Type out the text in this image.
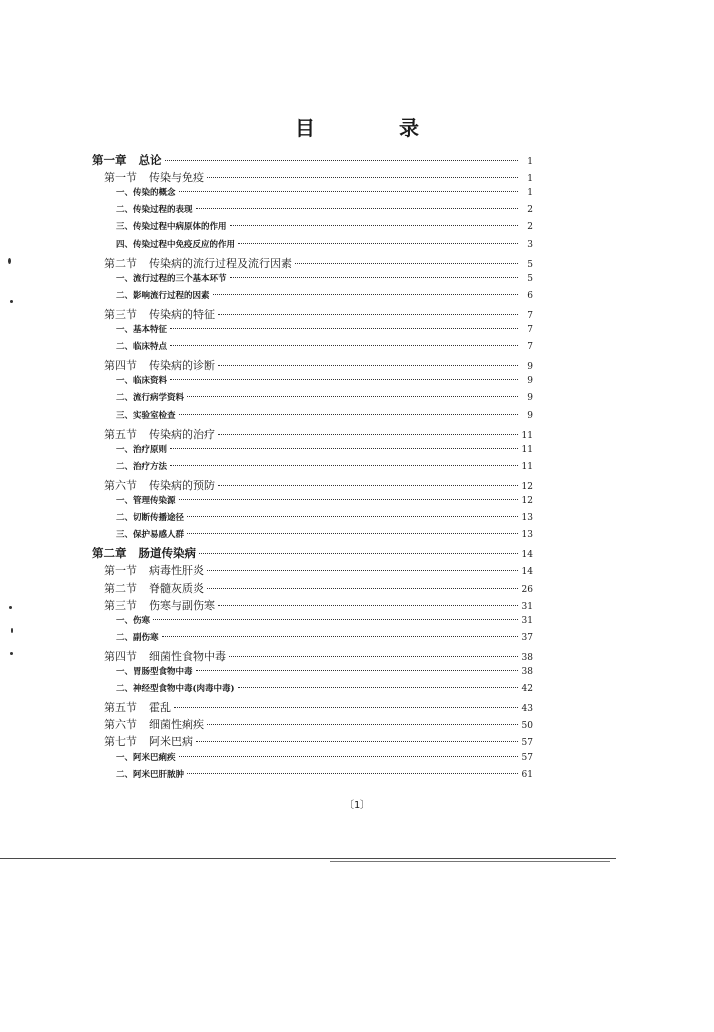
目　录
第一章 总论	1
第一节 传染与免疫	1
一、传染的概念	1
二、传染过程的表现	2
三、传染过程中病原体的作用	2
四、传染过程中免疫反应的作用	3
第二节 传染病的流行过程及流行因素	5
一、流行过程的三个基本环节	5
二、影响流行过程的因素	6
第三节 传染病的特征	7
一、基本特征	7
二、临床特点	7
第四节 传染病的诊断	9
一、临床资料	9
二、流行病学资料	9
三、实验室检查	9
第五节 传染病的治疗	11
一、治疗原则	11
二、治疗方法	11
第六节 传染病的预防	12
一、管理传染源	12
二、切断传播途径	13
三、保护易感人群	13
第二章 肠道传染病	14
第一节 病毒性肝炎	14
第二节 脊髓灰质炎	26
第三节 伤寒与副伤寒	31
一、伤寒	31
二、副伤寒	37
第四节 细菌性食物中毒	38
一、胃肠型食物中毒	38
二、神经型食物中毒(肉毒中毒)	42
第五节 霍乱	43
第六节 细菌性痢疾	50
第七节 阿米巴病	57
一、阿米巴痢疾	57
二、阿米巴肝脓肿	61
〔1〕
